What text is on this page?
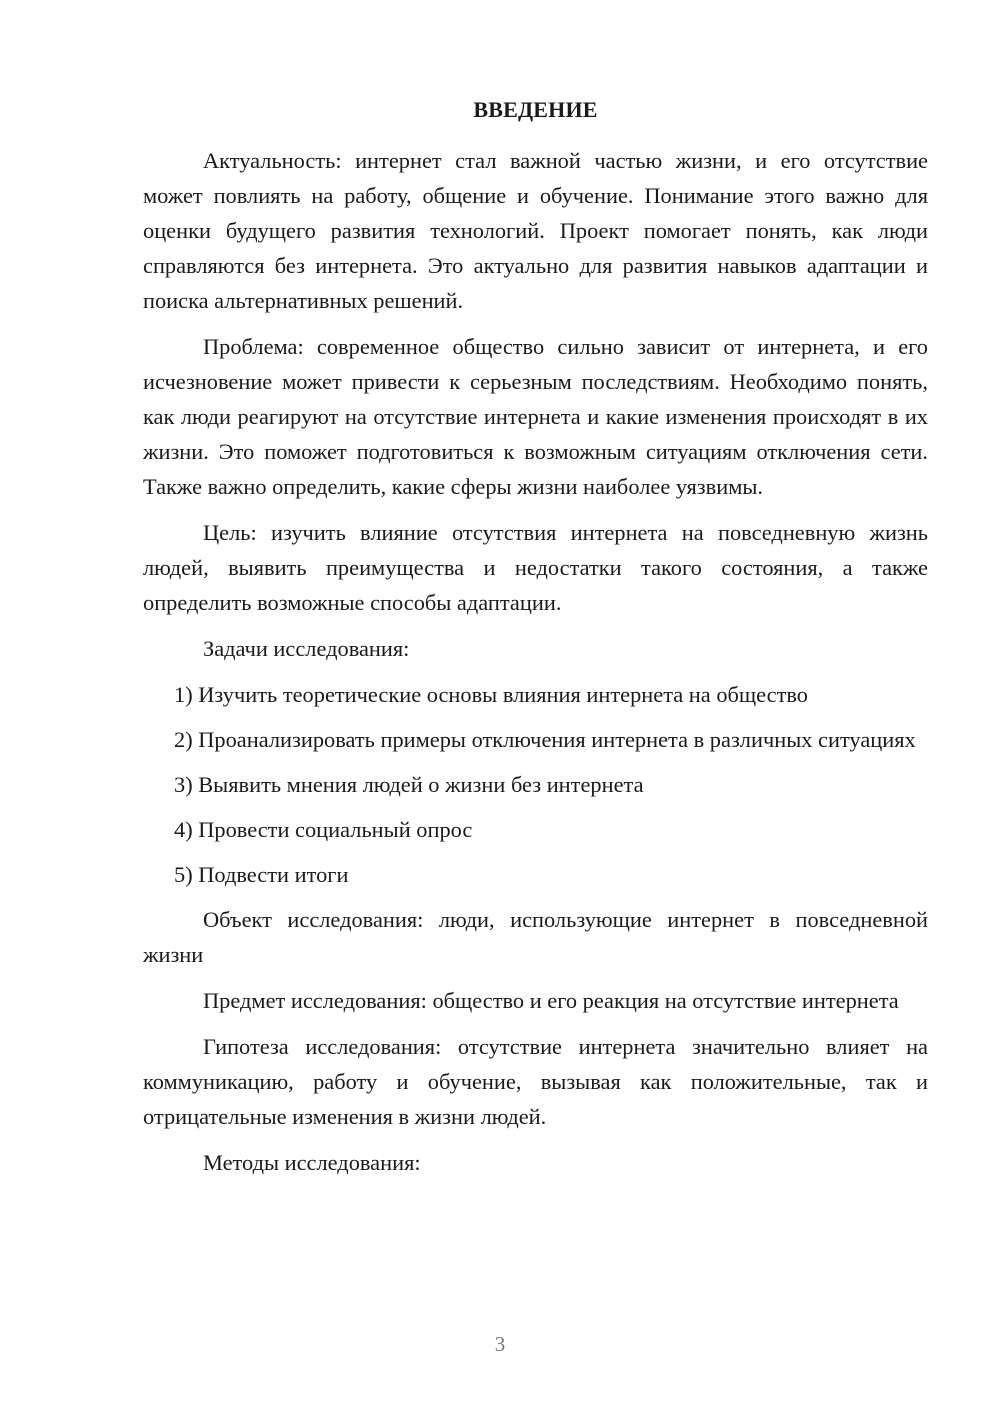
ВВЕДЕНИЕ

Актуальность: интернет стал важной частью жизни, и его отсутствие может повлиять на работу, общение и обучение. Понимание этого важно для оценки будущего развития технологий. Проект помогает понять, как люди справляются без интернета. Это актуально для развития навыков адаптации и поиска альтернативных решений.

Проблема: современное общество сильно зависит от интернета, и его исчезновение может привести к серьезным последствиям. Необходимо понять, как люди реагируют на отсутствие интернета и какие изменения происходят в их жизни. Это поможет подготовиться к возможным ситуациям отключения сети. Также важно определить, какие сферы жизни наиболее уязвимы.

Цель: изучить влияние отсутствия интернета на повседневную жизнь людей, выявить преимущества и недостатки такого состояния, а также определить возможные способы адаптации.

Задачи исследования:

1) Изучить теоретические основы влияния интернета на общество

2) Проанализировать примеры отключения интернета в различных ситуациях

3) Выявить мнения людей о жизни без интернета

4) Провести социальный опрос

5) Подвести итоги

Объект исследования: люди, использующие интернет в повседневной жизни

Предмет исследования: общество и его реакция на отсутствие интернета

Гипотеза исследования: отсутствие интернета значительно влияет на коммуникацию, работу и обучение, вызывая как положительные, так и отрицательные изменения в жизни людей.

Методы исследования:

3
